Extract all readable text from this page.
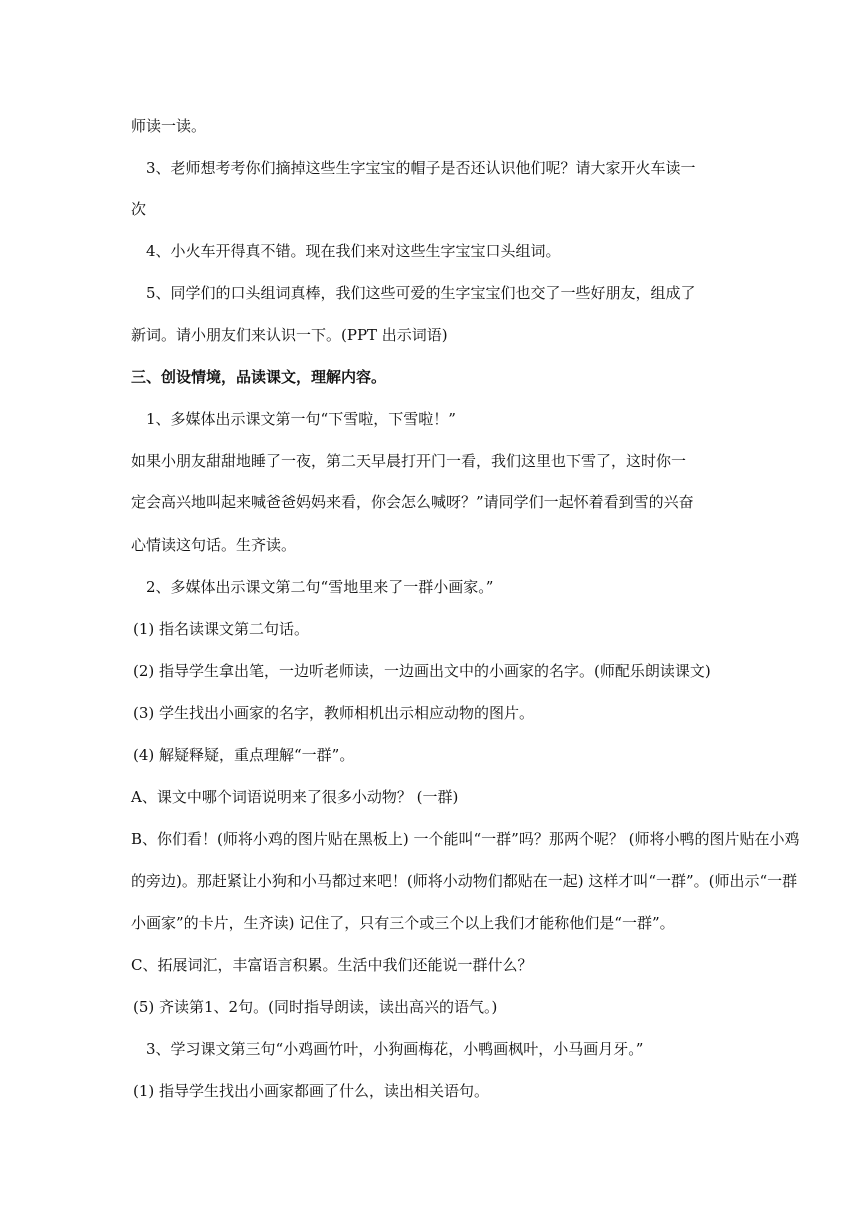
师读一读。
3、老师想考考你们摘掉这些生字宝宝的帽子是否还认识他们呢？请大家开火车读一
次
4、小火车开得真不错。现在我们来对这些生字宝宝口头组词。
5、同学们的口头组词真棒，我们这些可爱的生字宝宝们也交了一些好朋友，组成了
新词。请小朋友们来认识一下。(PPT 出示词语)
三、创设情境，品读课文，理解内容。
1、多媒体出示课文第一句“下雪啦，下雪啦！”
如果小朋友甜甜地睡了一夜，第二天早晨打开门一看，我们这里也下雪了，这时你一
定会高兴地叫起来喊爸爸妈妈来看，你会怎么喊呀？”请同学们一起怀着看到雪的兴奋
心情读这句话。生齐读。
2、多媒体出示课文第二句“雪地里来了一群小画家。”
(1) 指名读课文第二句话。
(2) 指导学生拿出笔，一边听老师读，一边画出文中的小画家的名字。(师配乐朗读课文)
(3) 学生找出小画家的名字，教师相机出示相应动物的图片。
(4) 解疑释疑，重点理解“一群”。
A、课文中哪个词语说明来了很多小动物？ (一群)
B、你们看！(师将小鸡的图片贴在黑板上) 一个能叫“一群”吗？那两个呢？ (师将小鸭的图片贴在小鸡
的旁边)。那赶紧让小狗和小马都过来吧！(师将小动物们都贴在一起) 这样才叫“一群”。(师出示“一群
小画家”的卡片，生齐读) 记住了，只有三个或三个以上我们才能称他们是“一群”。
C、拓展词汇，丰富语言积累。生活中我们还能说一群什么？
(5) 齐读第1、2句。(同时指导朗读，读出高兴的语气。)
3、学习课文第三句“小鸡画竹叶，小狗画梅花，小鸭画枫叶，小马画月牙。”
(1) 指导学生找出小画家都画了什么，读出相关语句。
